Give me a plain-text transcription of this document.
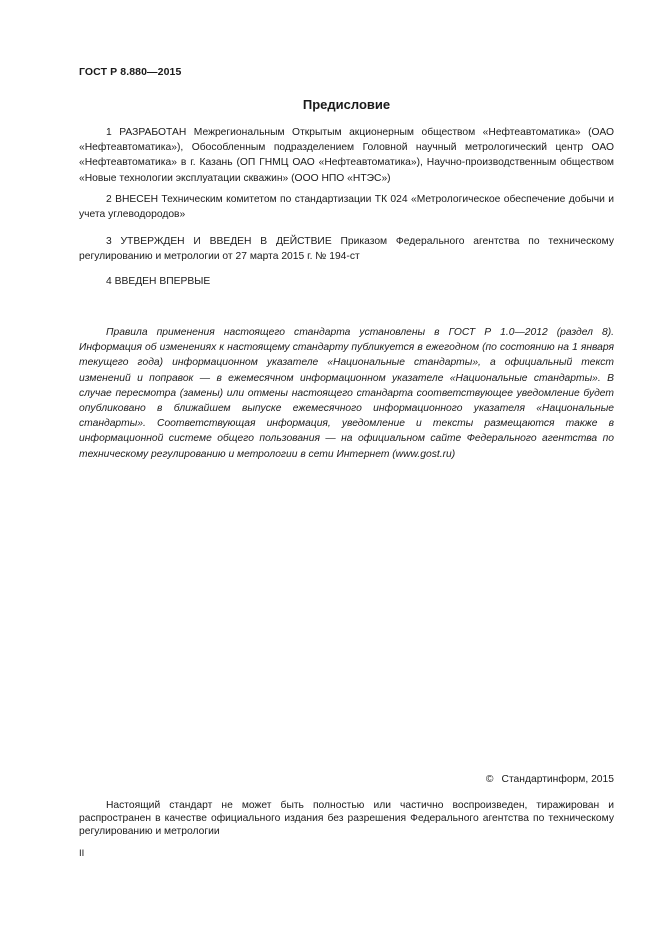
ГОСТ Р 8.880—2015
Предисловие

1 РАЗРАБОТАН Межрегиональным Открытым акционерным обществом «Нефтеавтоматика» (ОАО «Нефтеавтоматика»), Обособленным подразделением Головной научный метрологический центр ОАО «Нефтеавтоматика» в г. Казань (ОП ГНМЦ ОАО «Нефтеавтоматика»), Научно-производственным обществом «Новые технологии эксплуатации скважин» (ООО НПО «НТЭС»)

2 ВНЕСЕН Техническим комитетом по стандартизации ТК 024 «Метрологическое обеспечение добычи и учета углеводородов»

3 УТВЕРЖДЕН И ВВЕДЕН В ДЕЙСТВИЕ Приказом Федерального агентства по техническому регулированию и метрологии от 27 марта 2015 г. № 194-ст

4 ВВЕДЕН ВПЕРВЫЕ

Правила применения настоящего стандарта установлены в ГОСТ Р 1.0—2012 (раздел 8). Информация об изменениях к настоящему стандарту публикуется в ежегодном (по состоянию на 1 января текущего года) информационном указателе «Национальные стандарты», а официальный текст изменений и поправок — в ежемесячном информационном указателе «Национальные стандарты». В случае пересмотра (замены) или отмены настоящего стандарта соответствующее уведомление будет опубликовано в ближайшем выпуске ежемесячного информационного указателя «Национальные стандарты». Соответствующая информация, уведомление и тексты размещаются также в информационной системе общего пользования — на официальном сайте Федерального агентства по техническому регулированию и метрологии в сети Интернет (www.gost.ru)

© Стандартинформ, 2015

Настоящий стандарт не может быть полностью или частично воспроизведен, тиражирован и распространен в качестве официального издания без разрешения Федерального агентства по техническому регулированию и метрологии

II
